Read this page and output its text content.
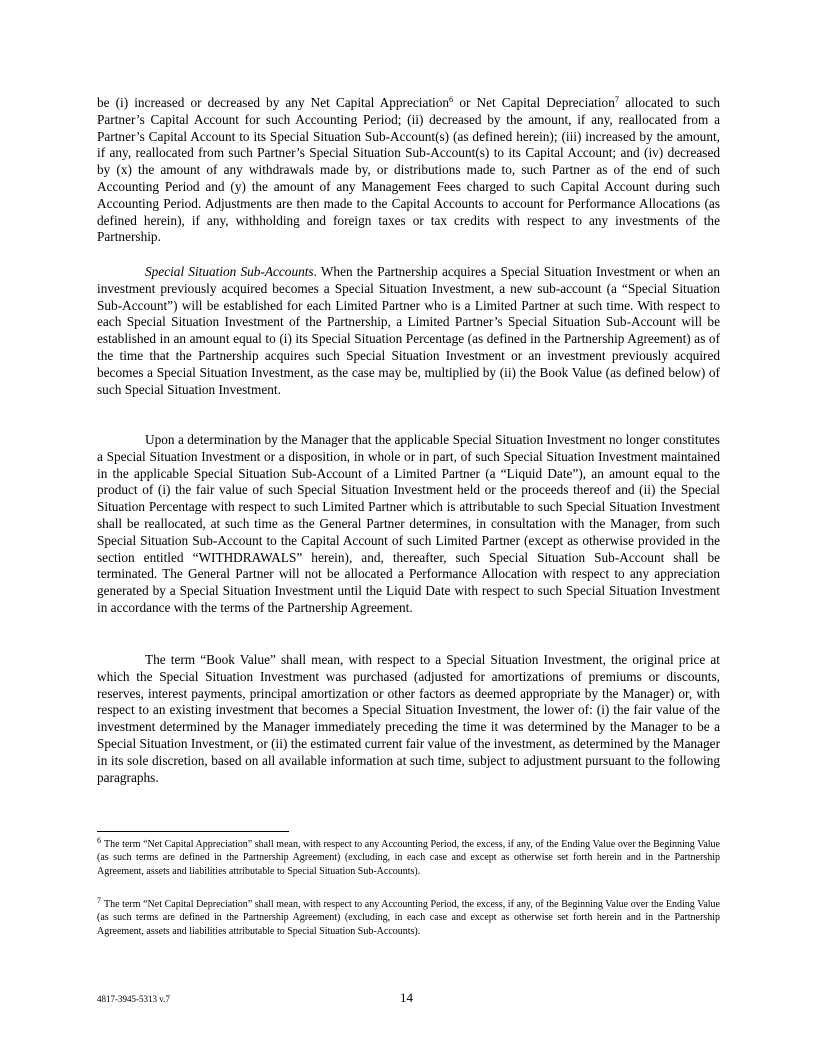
be (i) increased or decreased by any Net Capital Appreciation$^6$ or Net Capital Depreciation$^7$ allocated to such Partner’s Capital Account for such Accounting Period; (ii) decreased by the amount, if any, reallocated from a Partner’s Capital Account to its Special Situation Sub-Account(s) (as defined herein); (iii) increased by the amount, if any, reallocated from such Partner’s Special Situation Sub-Account(s) to its Capital Account; and (iv) decreased by (x) the amount of any withdrawals made by, or distributions made to, such Partner as of the end of such Accounting Period and (y) the amount of any Management Fees charged to such Capital Account during such Accounting Period. Adjustments are then made to the Capital Accounts to account for Performance Allocations (as defined herein), if any, withholding and foreign taxes or tax credits with respect to any investments of the Partnership.

Special Situation Sub-Accounts. When the Partnership acquires a Special Situation Investment or when an investment previously acquired becomes a Special Situation Investment, a new sub-account (a “Special Situation Sub-Account”) will be established for each Limited Partner who is a Limited Partner at such time. With respect to each Special Situation Investment of the Partnership, a Limited Partner’s Special Situation Sub-Account will be established in an amount equal to (i) its Special Situation Percentage (as defined in the Partnership Agreement) as of the time that the Partnership acquires such Special Situation Investment or an investment previously acquired becomes a Special Situation Investment, as the case may be, multiplied by (ii) the Book Value (as defined below) of such Special Situation Investment.

Upon a determination by the Manager that the applicable Special Situation Investment no longer constitutes a Special Situation Investment or a disposition, in whole or in part, of such Special Situation Investment maintained in the applicable Special Situation Sub-Account of a Limited Partner (a “Liquid Date”), an amount equal to the product of (i) the fair value of such Special Situation Investment held or the proceeds thereof and (ii) the Special Situation Percentage with respect to such Limited Partner which is attributable to such Special Situation Investment shall be reallocated, at such time as the General Partner determines, in consultation with the Manager, from such Special Situation Sub-Account to the Capital Account of such Limited Partner (except as otherwise provided in the section entitled “WITHDRAWALS” herein), and, thereafter, such Special Situation Sub-Account shall be terminated. The General Partner will not be allocated a Performance Allocation with respect to any appreciation generated by a Special Situation Investment until the Liquid Date with respect to such Special Situation Investment in accordance with the terms of the Partnership Agreement.

The term “Book Value” shall mean, with respect to a Special Situation Investment, the original price at which the Special Situation Investment was purchased (adjusted for amortizations of premiums or discounts, reserves, interest payments, principal amortization or other factors as deemed appropriate by the Manager) or, with respect to an existing investment that becomes a Special Situation Investment, the lower of: (i) the fair value of the investment determined by the Manager immediately preceding the time it was determined by the Manager to be a Special Situation Investment, or (ii) the estimated current fair value of the investment, as determined by the Manager in its sole discretion, based on all available information at such time, subject to adjustment pursuant to the following paragraphs.

$^6$ The term “Net Capital Appreciation” shall mean, with respect to any Accounting Period, the excess, if any, of the Ending Value over the Beginning Value (as such terms are defined in the Partnership Agreement) (excluding, in each case and except as otherwise set forth herein and in the Partnership Agreement, assets and liabilities attributable to Special Situation Sub-Accounts).

$^7$ The term “Net Capital Depreciation” shall mean, with respect to any Accounting Period, the excess, if any, of the Beginning Value over the Ending Value (as such terms are defined in the Partnership Agreement) (excluding, in each case and except as otherwise set forth herein and in the Partnership Agreement, assets and liabilities attributable to Special Situation Sub-Accounts).

4817-3945-5313 v.7	14
